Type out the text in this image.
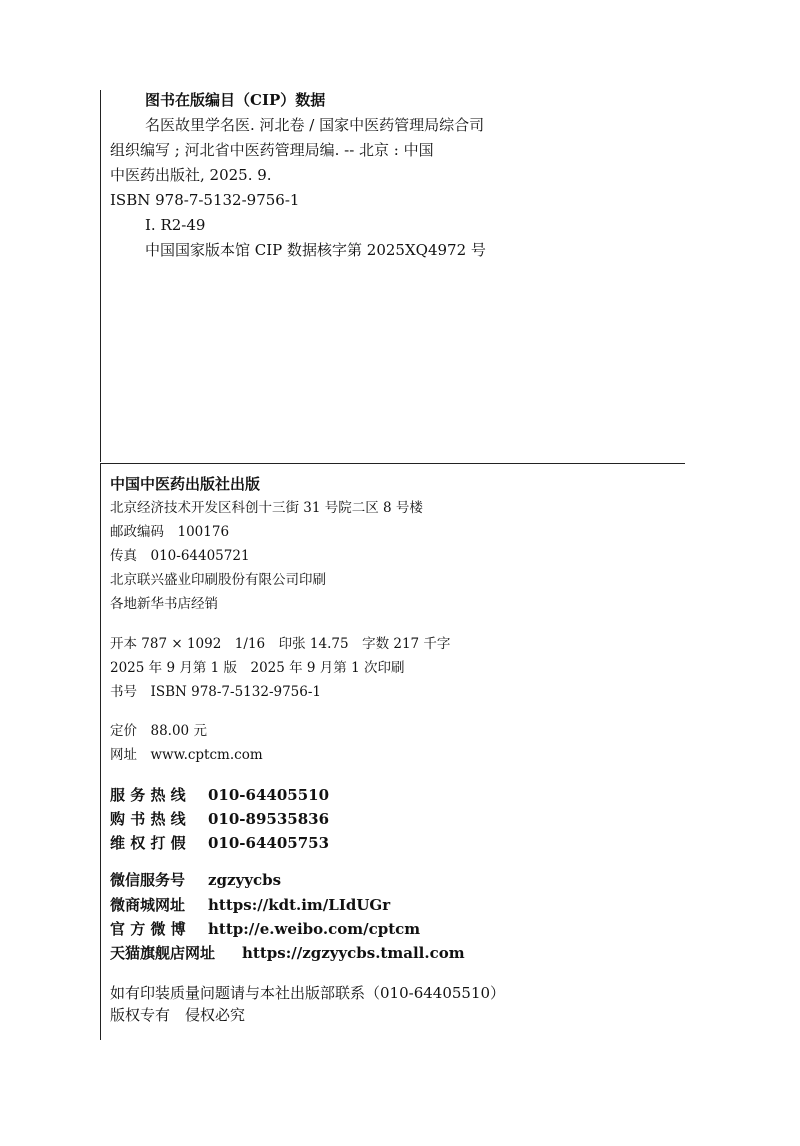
图书在版编目（CIP）数据
名医故里学名医. 河北卷 / 国家中医药管理局综合司
组织编写 ; 河北省中医药管理局编. -- 北京 : 中国
中医药出版社, 2025. 9.
ISBN 978-7-5132-9756-1
Ⅰ. R2-49
中国国家版本馆 CIP 数据核字第 2025XQ4972 号
中国中医药出版社出版
北京经济技术开发区科创十三街 31 号院二区 8 号楼
邮政编码　100176
传真　010-64405721
北京联兴盛业印刷股份有限公司印刷
各地新华书店经销
开本 787 × 1092　1/16　印张 14.75　字数 217 千字
2025 年 9 月第 1 版　2025 年 9 月第 1 次印刷
书号　ISBN 978-7-5132-9756-1
定价　88.00 元
网址　www.cptcm.com
服 务 热 线 010-64405510
购 书 热 线 010-89535836
维 权 打 假 010-64405753
微信服务号 zgzyycbs
微商城网址 https://kdt.im/LIdUGr
官 方 微 博 http://e.weibo.com/cptcm
天猫旗舰店网址 https://zgzyycbs.tmall.com
如有印装质量问题请与本社出版部联系（010-64405510）
版权专有　侵权必究
